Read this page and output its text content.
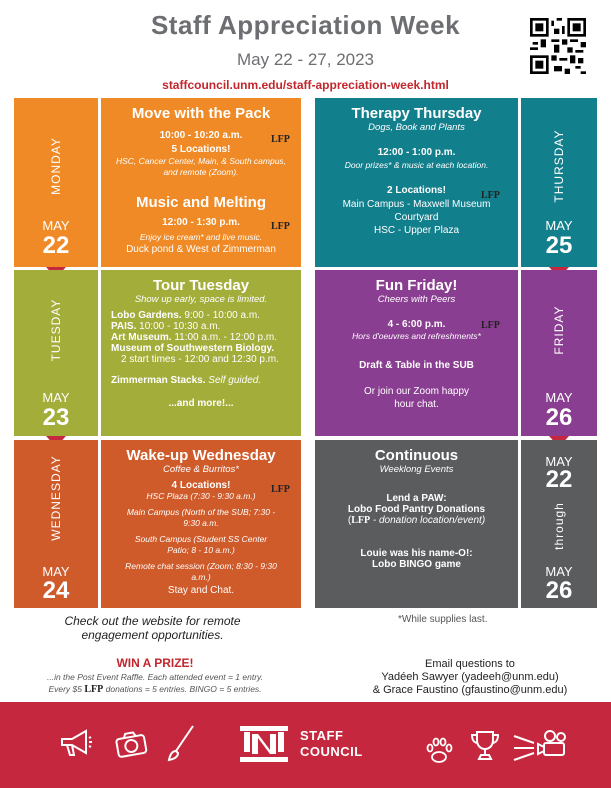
Staff Appreciation Week
May 22 - 27, 2023
staffcouncil.unm.edu/staff-appreciation-week.html
MONDAY
MAY
22
Move with the Pack
10:00 - 10:20 a.m.
5 Locations!
HSC, Cancer Center, Main, & South campus, and remote (Zoom).
Music and Melting
12:00 - 1:30 p.m.
Enjoy ice cream* and live music.
Duck pond & West of Zimmerman
LFP
LFP
TUESDAY
MAY
23
Tour Tuesday
Show up early, space is limited.
Lobo Gardens. 9:00 - 10:00 a.m.
PAIS. 10:00 - 10:30 a.m.
Art Museum. 11:00 a.m. - 12:00 p.m.
Museum of Southwestern Biology.
2 start times - 12:00 and 12:30 p.m.
Zimmerman Stacks. Self guided.
...and more!...
WEDNESDAY
MAY
24
Wake-up Wednesday
Coffee & Burritos*
4 Locations!
HSC Plaza (7:30 - 9:30 a.m.)
Main Campus (North of the SUB; 7:30 - 9:30 a.m.
South Campus (Student SS Center Patio; 8 - 10 a.m.)
Remote chat session (Zoom; 8:30 - 9:30 a.m.)
Stay and Chat.
LFP
Therapy Thursday
Dogs, Book and Plants
12:00 - 1:00 p.m.
Door prizes* & music at each location.
2 Locations!
Main Campus - Maxwell Museum Courtyard
HSC - Upper Plaza
LFP	THURSDAY
MAY
25
Fun Friday!
Cheers with Peers
4 - 6:00 p.m.
Hors d'oeuvres and refreshments*
Draft & Table in the SUB
Or join our Zoom happy hour chat.
LFP	FRIDAY
MAY
26
Continuous
Weeklong Events
Lend a PAW:
Lobo Food Pantry Donations
(LFP - donation location/event)
Louie was his name-O!:
Lobo BINGO game
MAY
22
through
MAY
26
Check out the website for remote engagement opportunities.
*While supplies last.
WIN A PRIZE!
...in the Post Event Raffle. Each attended event = 1 entry.
Every $5 LFP donations = 5 entries. BINGO = 5 entries.
Email questions to
Yadéeh Sawyer (yadeeh@unm.edu)
& Grace Faustino (gfaustino@unm.edu)
STAFF
COUNCIL
